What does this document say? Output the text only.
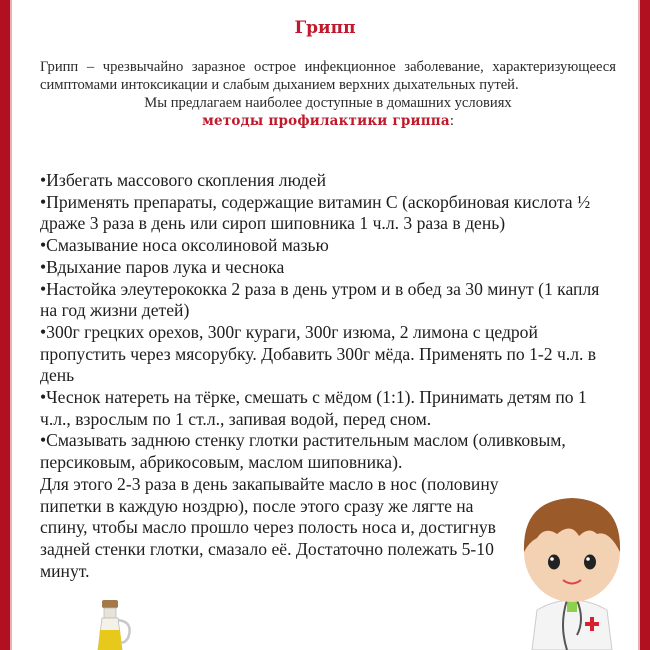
Грипп
Грипп – чрезвычайно заразное острое инфекционное заболевание, характеризующееся симптомами интоксикации и слабым дыханием верхних дыхательных путей.
Мы предлагаем наиболее доступные в домашних условиях
методы профилактики гриппа:

•Избегать массового скопления людей

•Применять препараты, содержащие витамин С (аскорбиновая кислота ½ драже 3 раза в день или сироп шиповника 1 ч.л. 3 раза в день)

•Смазывание носа оксолиновой мазью

•Вдыхание паров лука и чеснока

•Настойка элеутерококка 2 раза в день утром и в обед за 30 минут (1 капля на год жизни детей)

•300г грецких орехов, 300г кураги, 300г изюма, 2 лимона с цедрой пропустить через мясорубку. Добавить 300г мёда. Применять по 1-2 ч.л. в день

•Чеснок натереть на тёрке, смешать с мёдом (1:1). Принимать детям по 1 ч.л., взрослым по 1 ст.л., запивая водой, перед сном.

•Смазывать заднюю стенку глотки растительным маслом (оливковым, персиковым, абрикосовым, маслом шиповника).

Для этого 2-3 раза в день закапывайте масло в нос (половину пипетки в каждую ноздрю), после этого сразу же лягте на спину, чтобы масло прошло через полость носа и, достигнув задней стенки глотки, смазало её. Достаточно полежать 5-10 минут.
